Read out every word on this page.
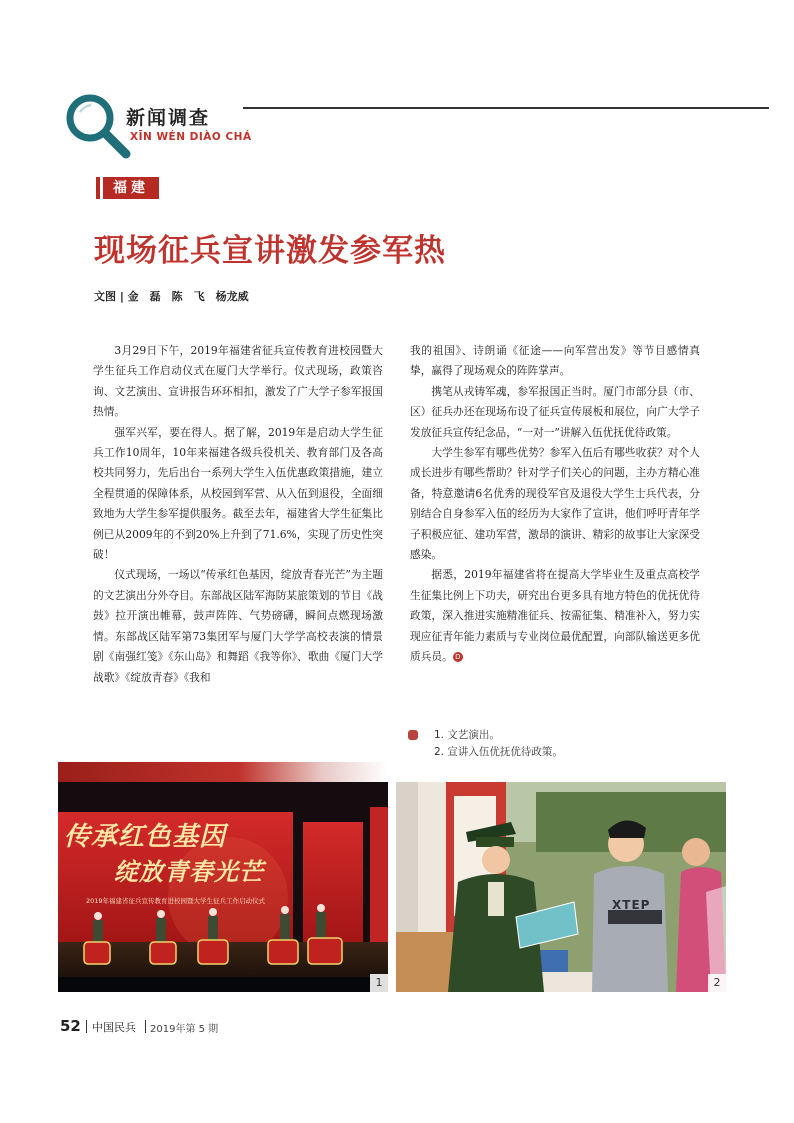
新闻调查
XĪN WÉN DIÀO CHÁ
福建
现场征兵宣讲激发参军热
文图 | 金　磊　陈　飞　杨龙威

3月29日下午，2019年福建省征兵宣传教育进校园暨大学生征兵工作启动仪式在厦门大学举行。仪式现场，政策咨询、文艺演出、宣讲报告环环相扣，激发了广大学子参军报国热情。

强军兴军，要在得人。据了解，2019年是启动大学生征兵工作10周年，10年来福建各级兵役机关、教育部门及各高校共同努力，先后出台一系列大学生入伍优惠政策措施，建立全程贯通的保障体系，从校园到军营、从入伍到退役，全面细致地为大学生参军提供服务。截至去年，福建省大学生征集比例已从2009年的不到20%上升到了71.6%，实现了历史性突破！

仪式现场，一场以“传承红色基因，绽放青春光芒”为主题的文艺演出分外夺目。东部战区陆军海防某旅策划的节目《战鼓》拉开演出帷幕，鼓声阵阵、气势磅礴，瞬间点燃现场激情。东部战区陆军第73集团军与厦门大学学高校表演的情景剧《南强红笺》《东山岛》和舞蹈《我等你》、歌曲《厦门大学战歌》《绽放青春》《我和

我的祖国》、诗朗诵《征途——向军营出发》等节目感情真挚，赢得了现场观众的阵阵掌声。

携笔从戎铸军魂，参军报国正当时。厦门市部分县（市、区）征兵办还在现场布设了征兵宣传展板和展位，向广大学子发放征兵宣传纪念品，“一对一”讲解入伍优抚优待政策。

大学生参军有哪些优势？参军入伍后有哪些收获？对个人成长进步有哪些帮助？针对学子们关心的问题，主办方精心准备，特意邀请6名优秀的现役军官及退役大学生士兵代表，分别结合自身参军入伍的经历为大家作了宣讲，他们呼吁青年学子积极应征、建功军营，激昂的演讲、精彩的故事让大家深受感染。

据悉，2019年福建省将在提高大学毕业生及重点高校学生征集比例上下功夫，研究出台更多具有地方特色的优抚优待政策，深入推进实施精准征兵、按需征集、精准补入，努力实现应征青年能力素质与专业岗位最优配置，向部队输送更多优质兵员。 D

1. 文艺演出。
2. 宣讲入伍优抚优待政策。
传承红色基因
绽放青春光芒
2019年福建省征兵宣传教育进校园暨大学生征兵工作启动仪式
1
XTEP
2
52 中国民兵 2019年第 5 期
